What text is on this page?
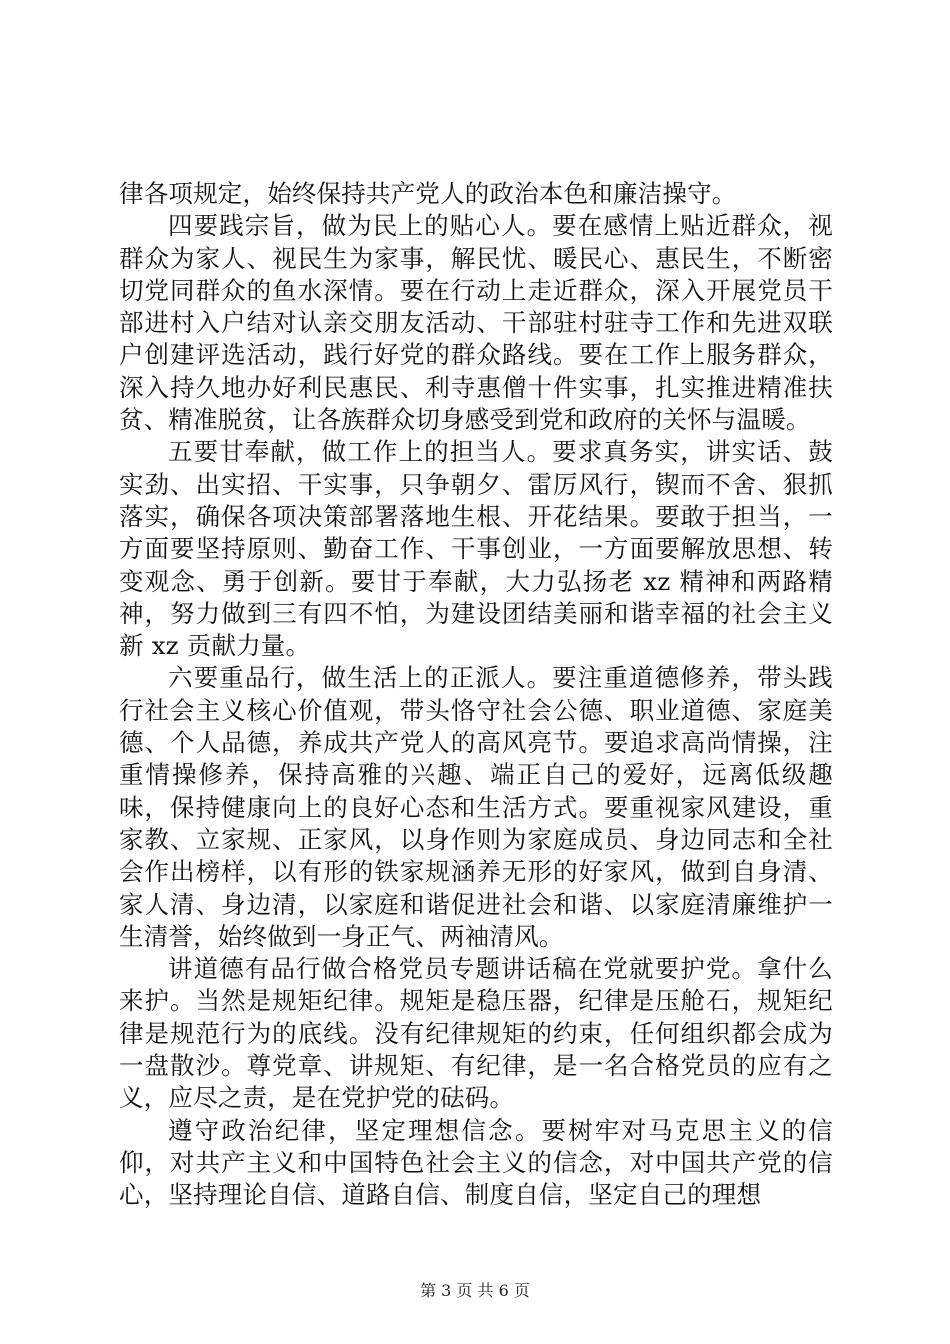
律各项规定，始终保持共产党人的政治本色和廉洁操守。

四要践宗旨，做为民上的贴心人。要在感情上贴近群众，视群众为家人、视民生为家事，解民忧、暖民心、惠民生，不断密切党同群众的鱼水深情。要在行动上走近群众，深入开展党员干部进村入户结对认亲交朋友活动、干部驻村驻寺工作和先进双联户创建评选活动，践行好党的群众路线。要在工作上服务群众，深入持久地办好利民惠民、利寺惠僧十件实事，扎实推进精准扶贫、精准脱贫，让各族群众切身感受到党和政府的关怀与温暖。

五要甘奉献，做工作上的担当人。要求真务实，讲实话、鼓实劲、出实招、干实事，只争朝夕、雷厉风行，锲而不舍、狠抓落实，确保各项决策部署落地生根、开花结果。要敢于担当，一方面要坚持原则、勤奋工作、干事创业，一方面要解放思想、转变观念、勇于创新。要甘于奉献，大力弘扬老 xz 精神和两路精神，努力做到三有四不怕，为建设团结美丽和谐幸福的社会主义新 xz 贡献力量。

六要重品行，做生活上的正派人。要注重道德修养，带头践行社会主义核心价值观，带头恪守社会公德、职业道德、家庭美德、个人品德，养成共产党人的高风亮节。要追求高尚情操，注重情操修养，保持高雅的兴趣、端正自己的爱好，远离低级趣味，保持健康向上的良好心态和生活方式。要重视家风建设，重家教、立家规、正家风，以身作则为家庭成员、身边同志和全社会作出榜样，以有形的铁家规涵养无形的好家风，做到自身清、家人清、身边清，以家庭和谐促进社会和谐、以家庭清廉维护一生清誉，始终做到一身正气、两袖清风。

讲道德有品行做合格党员专题讲话稿在党就要护党。拿什么来护。当然是规矩纪律。规矩是稳压器，纪律是压舱石，规矩纪律是规范行为的底线。没有纪律规矩的约束，任何组织都会成为一盘散沙。尊党章、讲规矩、有纪律，是一名合格党员的应有之义，应尽之责，是在党护党的砝码。

遵守政治纪律，坚定理想信念。要树牢对马克思主义的信仰，对共产主义和中国特色社会主义的信念，对中国共产党的信心，坚持理论自信、道路自信、制度自信，坚定自己的理想

第 3 页 共 6 页
